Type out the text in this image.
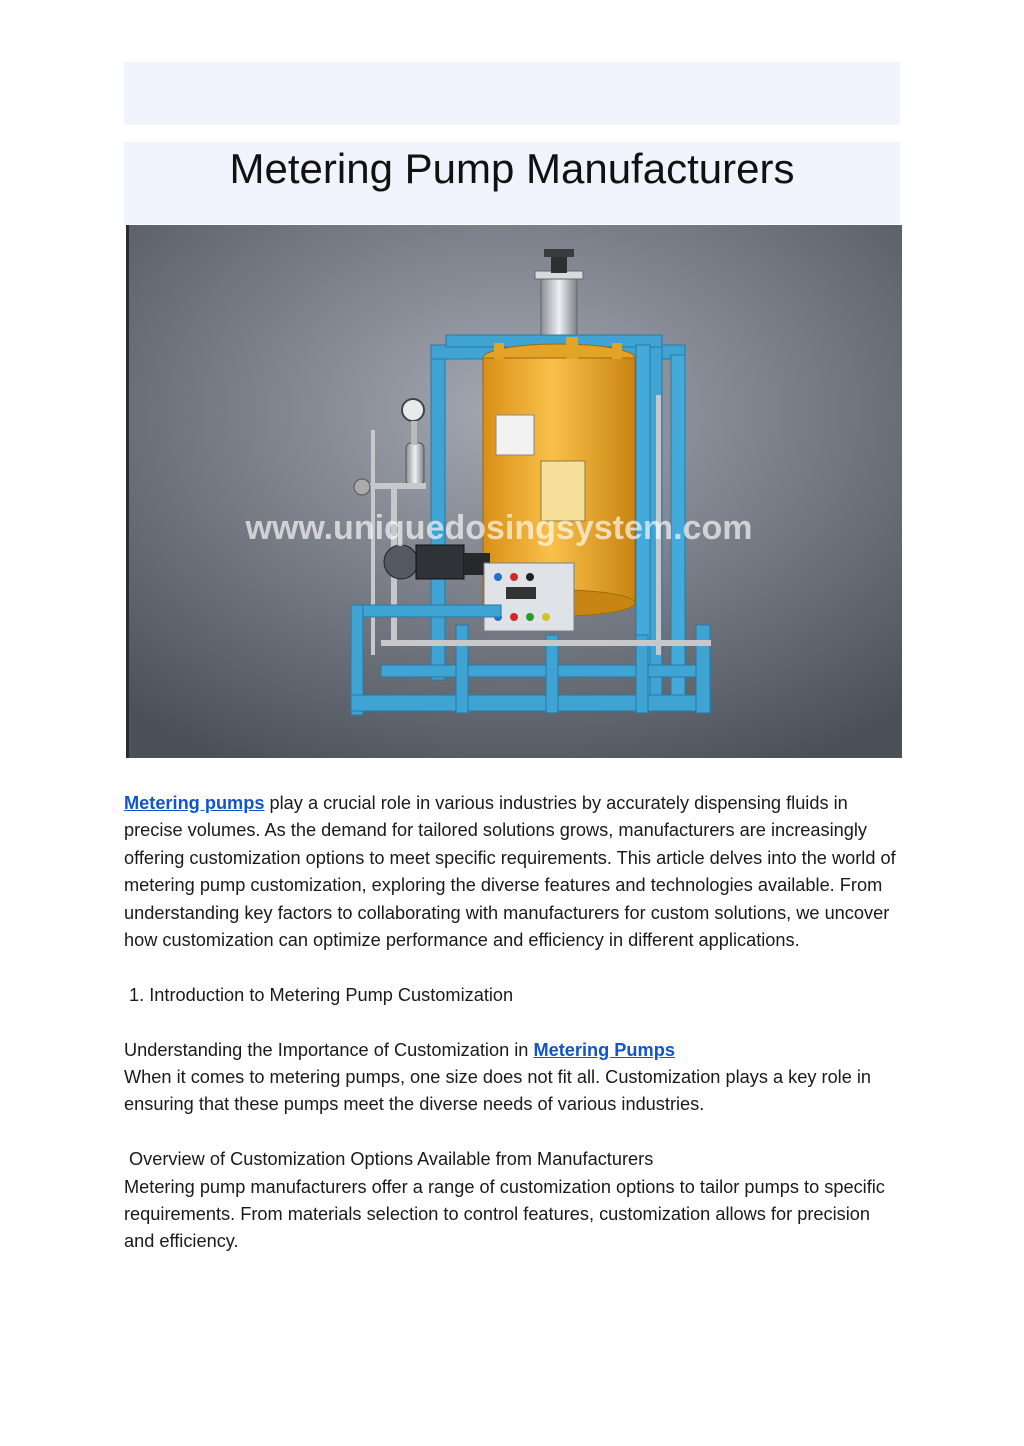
Metering Pump Manufacturers
www.uniquedosingsystem.com

Metering pumps play a crucial role in various industries by accurately dispensing fluids in precise volumes. As the demand for tailored solutions grows, manufacturers are increasingly offering customization options to meet specific requirements. This article delves into the world of metering pump customization, exploring the diverse features and technologies available. From understanding key factors to collaborating with manufacturers for custom solutions, we uncover how customization can optimize performance and efficiency in different applications.

1. Introduction to Metering Pump Customization

Understanding the Importance of Customization in Metering Pumps

When it comes to metering pumps, one size does not fit all. Customization plays a key role in ensuring that these pumps meet the diverse needs of various industries.

Overview of Customization Options Available from Manufacturers

Metering pump manufacturers offer a range of customization options to tailor pumps to specific requirements. From materials selection to control features, customization allows for precision and efficiency.
